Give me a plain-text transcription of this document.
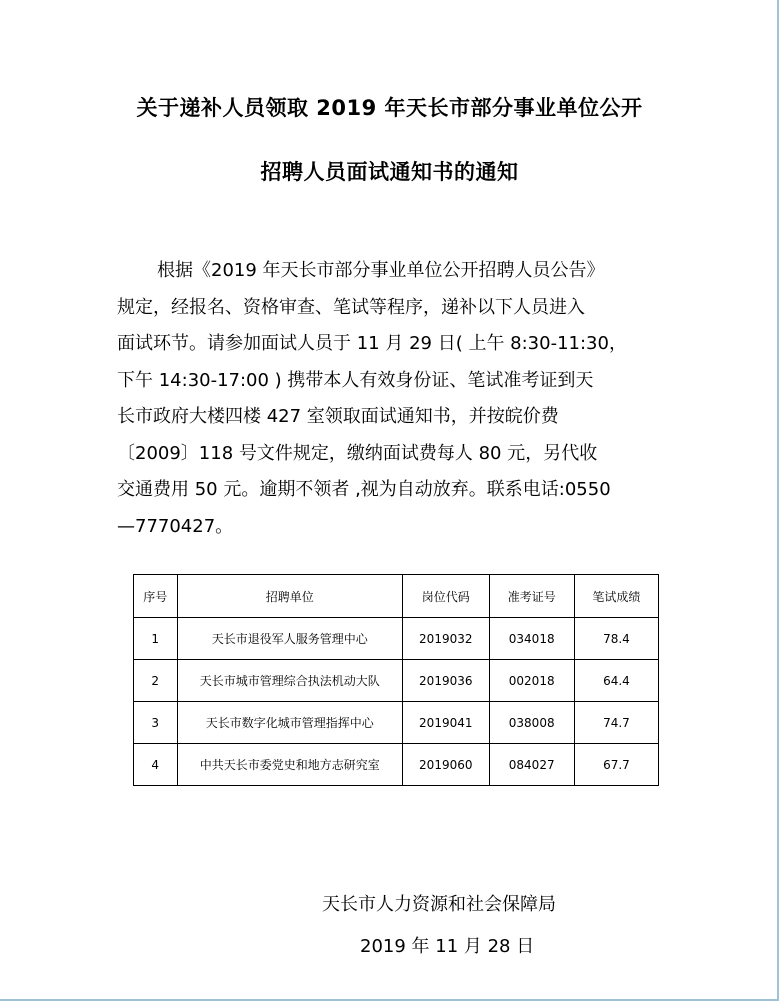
关于递补人员领取 2019 年天长市部分事业单位公开
招聘人员面试通知书的通知
根据《2019 年天长市部分事业单位公开招聘人员公告》
规定，经报名、资格审查、笔试等程序，递补以下人员进入
面试环节。请参加面试人员于 11 月 29 日( 上午 8:30-11:30，
下午 14:30-17:00 ) 携带本人有效身份证、笔试准考证到天
长市政府大楼四楼 427 室领取面试通知书，并按皖价费
〔2009〕118 号文件规定，缴纳面试费每人 80 元，另代收
交通费用 50 元。逾期不领者 ,视为自动放弃。联系电话:0550
—7770427。
序号	招聘单位	岗位代码	准考证号	笔试成绩
1	天长市退役军人服务管理中心	2019032	034018	78.4
2	天长市城市管理综合执法机动大队	2019036	002018	64.4
3	天长市数字化城市管理指挥中心	2019041	038008	74.7
4	中共天长市委党史和地方志研究室	2019060	084027	67.7
天长市人力资源和社会保障局
2019 年 11 月 28 日
